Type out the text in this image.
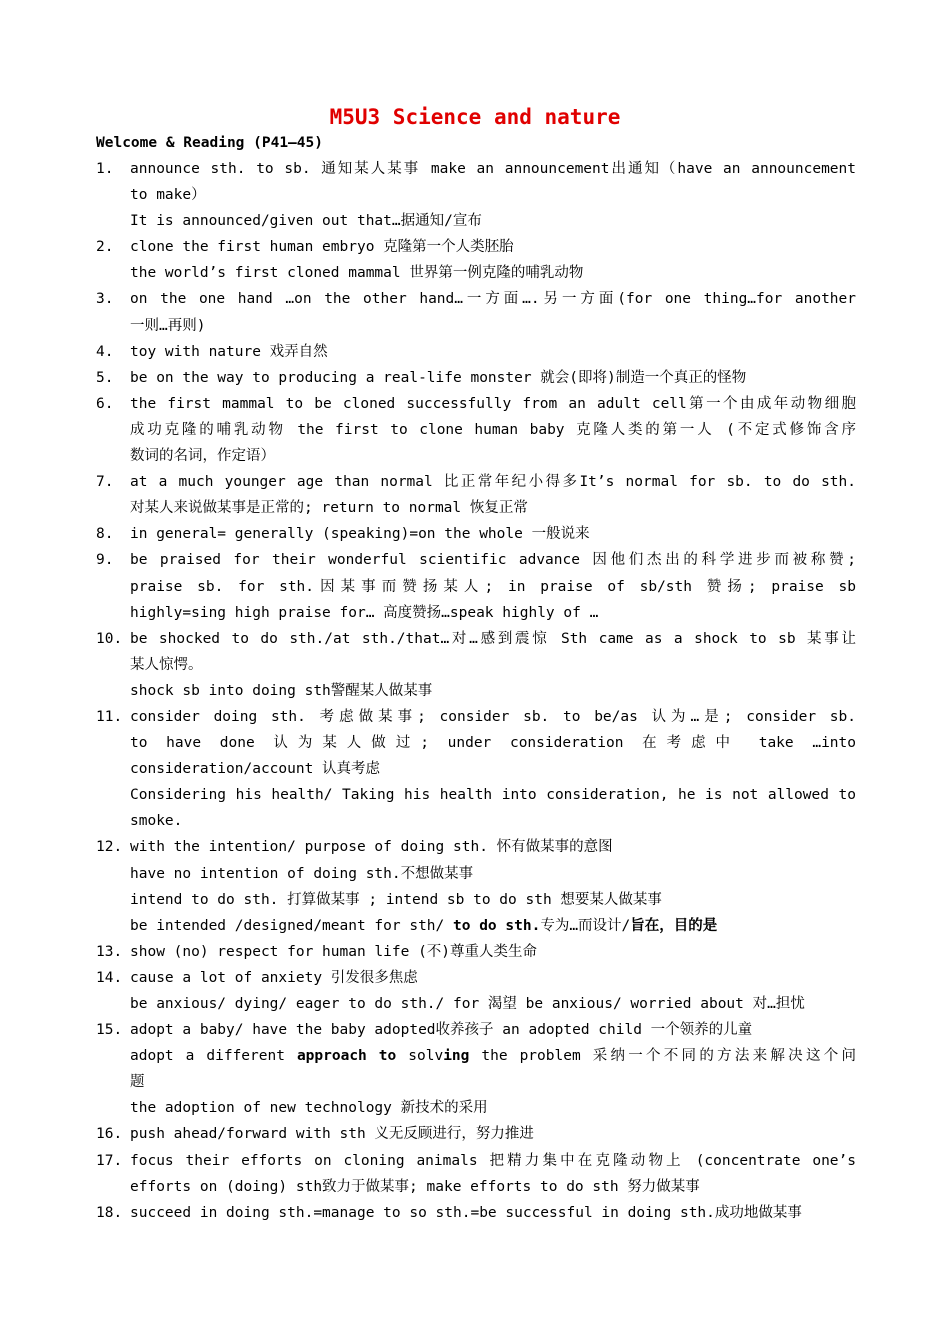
M5U3 Science and nature
Welcome & Reading (P41—45)
1.	announce sth. to sb. 通知某人某事 make an announcement出通知（have an announcement
to make）
It is announced/given out that…据通知/宣布
2.	clone the first human embryo 克隆第一个人类胚胎
the world’s first cloned mammal 世界第一例克隆的哺乳动物
3.	on the one hand …on the other hand…一方面….另一方面(for one thing…for another
一则…再则)
4.	toy with nature 戏弄自然
5.	be on the way to producing a real-life monster 就会(即将)制造一个真正的怪物
6.	the first mammal to be cloned successfully from an adult cell第一个由成年动物细胞
成功克隆的哺乳动物 the first to clone human baby 克隆人类的第一人 (不定式修饰含序
数词的名词，作定语）
7.	at a much younger age than normal 比正常年纪小得多It’s normal for sb. to do sth.
对某人来说做某事是正常的; return to normal 恢复正常
8.	in general= generally (speaking)=on the whole 一般说来
9.	be praised for their wonderful scientific advance 因他们杰出的科学进步而被称赞;
praise sb. for sth.因某事而赞扬某人; in praise of sb/sth 赞扬; praise sb
highly=sing high praise for… 高度赞扬…speak highly of …
10. be shocked to do sth./at sth./that…对…感到震惊 Sth came as a shock to sb 某事让
某人惊愕。
shock sb into doing sth警醒某人做某事
11. consider doing sth. 考虑做某事; consider sb. to be/as 认为…是; consider sb.
to have done 认为某人做过; under consideration 在考虑中 take …into
consideration/account 认真考虑
Considering his health/ Taking his health into consideration, he is not allowed to
smoke.
12. with the intention/ purpose of doing sth. 怀有做某事的意图
have no intention of doing sth.不想做某事
intend to do sth. 打算做某事 ; intend sb to do sth 想要某人做某事
be intended /designed/meant for sth/ to do sth.专为…而设计/旨在，目的是
13. show (no) respect for human life (不)尊重人类生命
14. cause a lot of anxiety 引发很多焦虑
be anxious/ dying/ eager to do sth./ for 渴望 be anxious/ worried about 对…担忧
15. adopt a baby/ have the baby adopted收养孩子 an adopted child 一个领养的儿童
adopt a different approach to solving the problem 采纳一个不同的方法来解决这个问
题
the adoption of new technology 新技术的采用
16. push ahead/forward with sth 义无反顾进行，努力推进
17. focus their efforts on cloning animals 把精力集中在克隆动物上 (concentrate one’s
efforts on (doing) sth致力于做某事; make efforts to do sth 努力做某事
18. succeed in doing sth.=manage to so sth.=be successful in doing sth.成功地做某事
